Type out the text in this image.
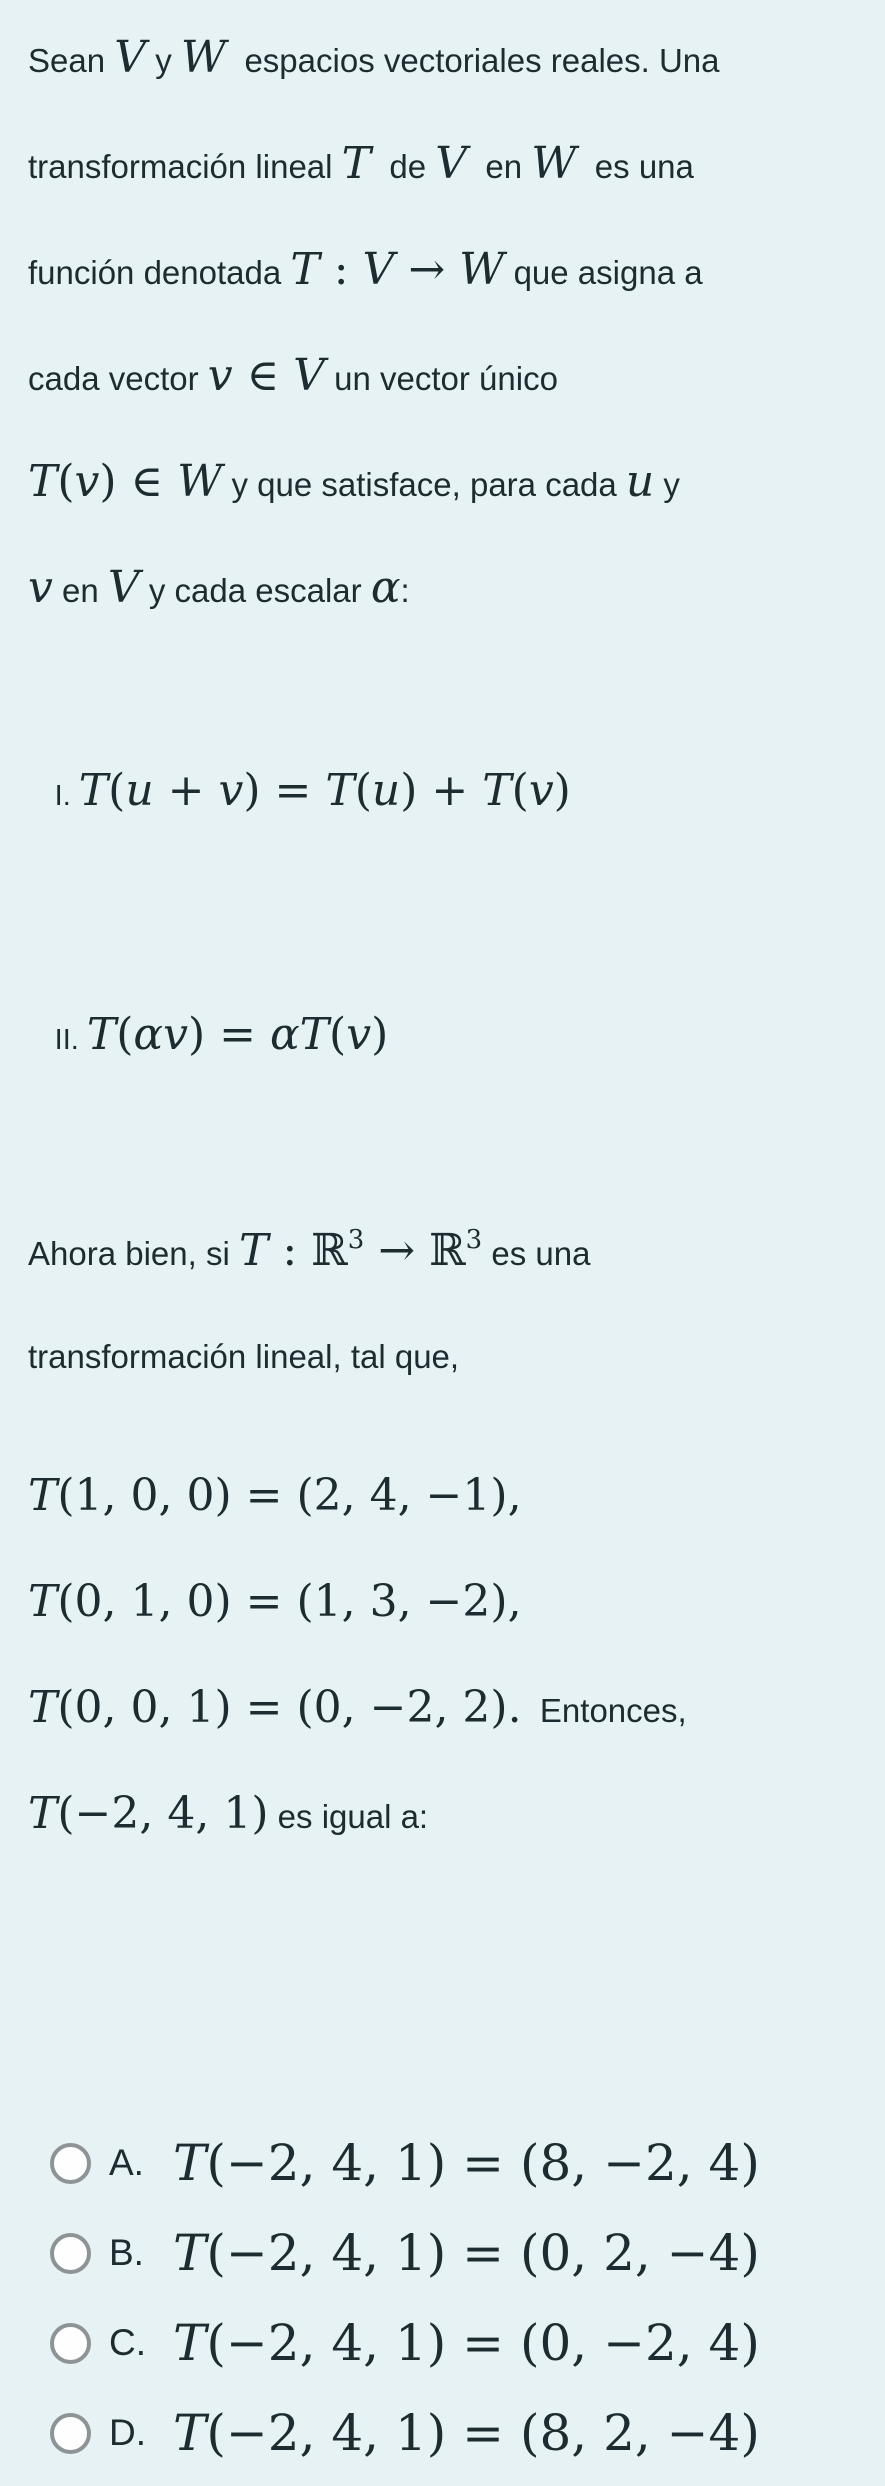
Sean V y W  espacios vectoriales reales. Una

transformación lineal T  de V  en W  es una

función denotada T : V → W que asigna a

cada vector v ∈ V un vector único

T(v) ∈ W y que satisface, para cada u y

v en V y cada escalar α:

I. T(u + v) = T(u) + T(v)

II. T(αv) = αT(v)

Ahora bien, si T : ℝ3 → ℝ3 es una

transformación lineal, tal que,

T(1, 0, 0) = (2, 4, −1),

T(0, 1, 0) = (1, 3, −2),

T(0, 0, 1) = (0, −2, 2).  Entonces,

T(−2, 4, 1) es igual a:

A. T(−2, 4, 1) = (8, −2, 4)
B. T(−2, 4, 1) = (0, 2, −4)
C. T(−2, 4, 1) = (0, −2, 4)
D. T(−2, 4, 1) = (8, 2, −4)
